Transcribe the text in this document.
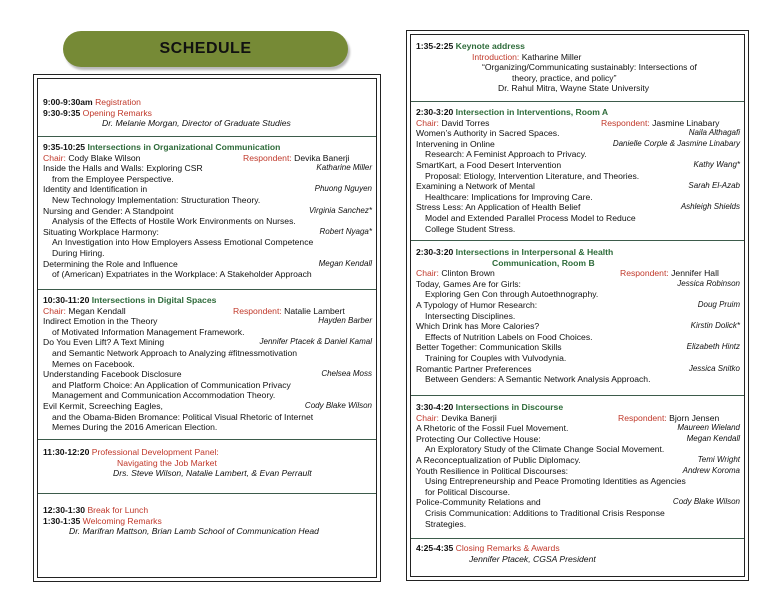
SCHEDULE
9:00-9:30am Registration
9:30-9:35 Opening Remarks
Dr. Melanie Morgan, Director of Graduate Studies
9:35-10:25 Intersections in Organizational Communication
Chair: Cody Blake Wilson	Respondent: Devika Banerji
Inside the Halls and Walls: Exploring CSR	Katharine Miller
from the Employee Perspective.
Identity and Identification in	Phuong Nguyen
New Technology Implementation: Structuration Theory.
Nursing and Gender: A Standpoint	Virginia Sanchez*
Analysis of the Effects of Hostile Work Environments on Nurses.
Situating Workplace Harmony:	Robert Nyaga*
An Investigation into How Employers Assess Emotional Competence
During Hiring.
Determining the Role and Influence	Megan Kendall
of (American) Expatriates in the Workplace: A Stakeholder Approach
10:30-11:20 Intersections in Digital Spaces
Chair: Megan Kendall	Respondent: Natalie Lambert
Indirect Emotion in the Theory	Hayden Barber
of Motivated Information Management Framework.
Do You Even Lift? A Text Mining	Jennifer Ptacek & Daniel Kamal
and Semantic Network Approach to Analyzing #fitnessmotivation
Memes on Facebook.
Understanding Facebook Disclosure	Chelsea Moss
and Platform Choice: An Application of Communication Privacy
Management and Communication Accommodation Theory.
Evil Kermit, Screeching Eagles,	Cody Blake Wilson
and the Obama-Biden Bromance: Political Visual Rhetoric of Internet
Memes During the 2016 American Election.
11:30-12:20 Professional Development Panel:
Navigating the Job Market
Drs. Steve Wilson, Natalie Lambert, & Evan Perrault
12:30-1:30 Break for Lunch
1:30-1:35 Welcoming Remarks
Dr. Marifran Mattson, Brian Lamb School of Communication Head
1:35-2:25 Keynote address
Introduction: Katharine Miller
“Organizing/Communicating sustainably: Intersections of
theory, practice, and policy”
Dr. Rahul Mitra, Wayne State University
2:30-3:20 Intersection in Interventions, Room A
Chair: David Torres	Respondent: Jasmine Linabary
Women’s Authority in Sacred Spaces.	Naila Althagafi
Intervening in Online	Danielle Corple & Jasmine Linabary
Research: A Feminist Approach to Privacy.
SmartKart, a Food Desert Intervention	Kathy Wang*
Proposal: Etiology, Intervention Literature, and Theories.
Examining a Network of Mental	Sarah El-Azab
Healthcare: Implications for Improving Care.
Stress Less: An Application of Health Belief	Ashleigh Shields
Model and Extended Parallel Process Model to Reduce
College Student Stress.
2:30-3:20 Intersections in Interpersonal & Health
Communication, Room B
Chair: Clinton Brown	Respondent: Jennifer Hall
Today, Games Are for Girls:	Jessica Robinson
Exploring Gen Con through Autoethnography.
A Typology of Humor Research:	Doug Pruim
Intersecting Disciplines.
Which Drink has More Calories?	Kirstin Dolick*
Effects of Nutrition Labels on Food Choices.
Better Together: Communication Skills	Elizabeth Hintz
Training for Couples with Vulvodynia.
Romantic Partner Preferences	Jessica Snitko
Between Genders: A Semantic Network Analysis Approach.
3:30-4:20 Intersections in Discourse
Chair: Devika Banerji	Respondent: Bjorn Jensen
A Rhetoric of the Fossil Fuel Movement.	Maureen Wieland
Protecting Our Collective House:	Megan Kendall
An Exploratory Study of the Climate Change Social Movement.
A Reconceptualization of Public Diplomacy.	Temi Wright
Youth Resilience in Political Discourses:	Andrew Koroma
Using Entrepreneurship and Peace Promoting Identities as Agencies
for Political Discourse.
Police-Community Relations and	Cody Blake Wilson
Crisis Communication: Additions to Traditional Crisis Response
Strategies.
4:25-4:35 Closing Remarks & Awards
Jennifer Ptacek, CGSA President
